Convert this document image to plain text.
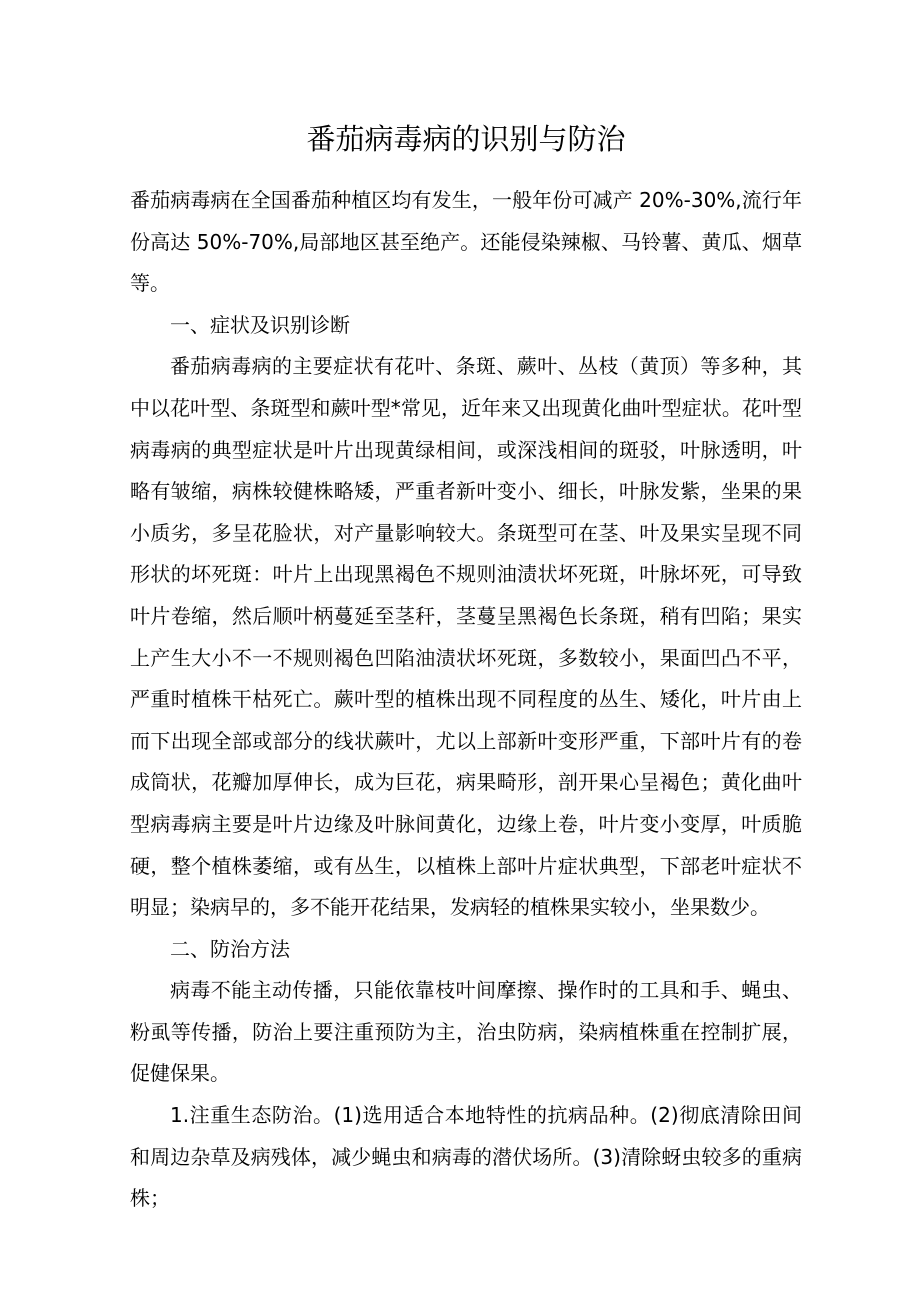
番茄病毒病的识别与防治

番茄病毒病在全国番茄种植区均有发生，一般年份可减产 20%-30%,流行年份高达 50%-70%,局部地区甚至绝产。还能侵染辣椒、马铃薯、黄瓜、烟草等。

一、症状及识别诊断

番茄病毒病的主要症状有花叶、条斑、蕨叶、丛枝（黄顶）等多种，其中以花叶型、条斑型和蕨叶型*常见，近年来又出现黄化曲叶型症状。花叶型病毒病的典型症状是叶片出现黄绿相间，或深浅相间的斑驳，叶脉透明，叶略有皱缩，病株较健株略矮，严重者新叶变小、细长，叶脉发紫，坐果的果小质劣，多呈花脸状，对产量影响较大。条斑型可在茎、叶及果实呈现不同形状的坏死斑：叶片上出现黑褐色不规则油渍状坏死斑，叶脉坏死，可导致叶片卷缩，然后顺叶柄蔓延至茎秆，茎蔓呈黑褐色长条斑，稍有凹陷；果实上产生大小不一不规则褐色凹陷油渍状坏死斑，多数较小，果面凹凸不平，严重时植株干枯死亡。蕨叶型的植株出现不同程度的丛生、矮化，叶片由上而下出现全部或部分的线状蕨叶，尤以上部新叶变形严重，下部叶片有的卷成筒状，花瓣加厚伸长，成为巨花，病果畸形，剖开果心呈褐色；黄化曲叶型病毒病主要是叶片边缘及叶脉间黄化，边缘上卷，叶片变小变厚，叶质脆硬，整个植株萎缩，或有丛生，以植株上部叶片症状典型，下部老叶症状不明显；染病早的，多不能开花结果，发病轻的植株果实较小，坐果数少。

二、防治方法

病毒不能主动传播，只能依靠枝叶间摩擦、操作时的工具和手、蝇虫、粉虱等传播，防治上要注重预防为主，治虫防病，染病植株重在控制扩展，促健保果。

1.注重生态防治。(1)选用适合本地特性的抗病品种。(2)彻底清除田间和周边杂草及病残体，减少蝇虫和病毒的潜伏场所。(3)清除蚜虫较多的重病株；
